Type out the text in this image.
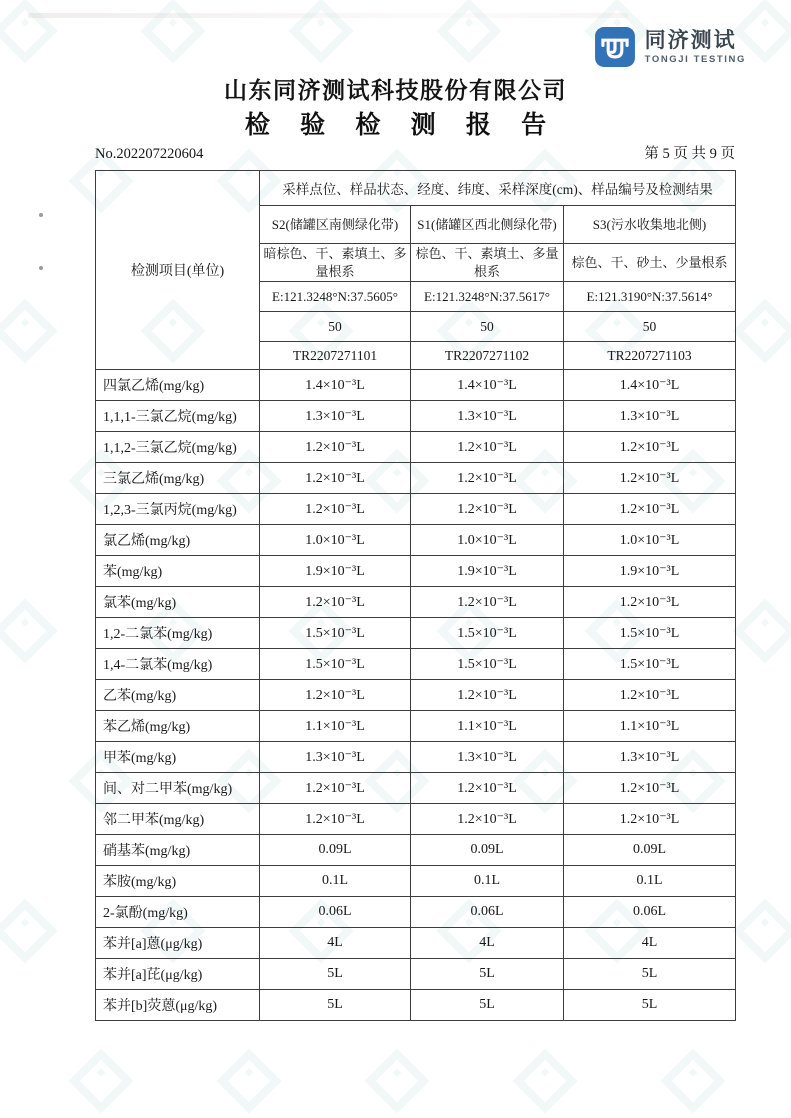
同济测试
TONGJI TESTING
山东同济测试科技股份有限公司
检 验 检 测 报 告
No.202207220604	第 5 页 共 9 页
检测项目(单位)	采样点位、样品状态、经度、纬度、采样深度(cm)、样品编号及检测结果		
	S2(储罐区南侧绿化带)	S1(储罐区西北侧绿化带)	S3(污水收集地北侧)
	暗棕色、干、素填土、多量根系	棕色、干、素填土、多量根系	棕色、干、砂土、少量根系
	E:121.3248°N:37.5605°	E:121.3248°N:37.5617°	E:121.3190°N:37.5614°
	50	50	50
	TR2207271101	TR2207271102	TR2207271103
四氯乙烯(mg/kg)	1.4×10⁻³L	1.4×10⁻³L	1.4×10⁻³L
1,1,1-三氯乙烷(mg/kg)	1.3×10⁻³L	1.3×10⁻³L	1.3×10⁻³L
1,1,2-三氯乙烷(mg/kg)	1.2×10⁻³L	1.2×10⁻³L	1.2×10⁻³L
三氯乙烯(mg/kg)	1.2×10⁻³L	1.2×10⁻³L	1.2×10⁻³L
1,2,3-三氯丙烷(mg/kg)	1.2×10⁻³L	1.2×10⁻³L	1.2×10⁻³L
氯乙烯(mg/kg)	1.0×10⁻³L	1.0×10⁻³L	1.0×10⁻³L
苯(mg/kg)	1.9×10⁻³L	1.9×10⁻³L	1.9×10⁻³L
氯苯(mg/kg)	1.2×10⁻³L	1.2×10⁻³L	1.2×10⁻³L
1,2-二氯苯(mg/kg)	1.5×10⁻³L	1.5×10⁻³L	1.5×10⁻³L
1,4-二氯苯(mg/kg)	1.5×10⁻³L	1.5×10⁻³L	1.5×10⁻³L
乙苯(mg/kg)	1.2×10⁻³L	1.2×10⁻³L	1.2×10⁻³L
苯乙烯(mg/kg)	1.1×10⁻³L	1.1×10⁻³L	1.1×10⁻³L
甲苯(mg/kg)	1.3×10⁻³L	1.3×10⁻³L	1.3×10⁻³L
间、对二甲苯(mg/kg)	1.2×10⁻³L	1.2×10⁻³L	1.2×10⁻³L
邻二甲苯(mg/kg)	1.2×10⁻³L	1.2×10⁻³L	1.2×10⁻³L
硝基苯(mg/kg)	0.09L	0.09L	0.09L
苯胺(mg/kg)	0.1L	0.1L	0.1L
2-氯酚(mg/kg)	0.06L	0.06L	0.06L
苯并[a]蒽(μg/kg)	4L	4L	4L
苯并[a]芘(μg/kg)	5L	5L	5L
苯并[b]荧蒽(μg/kg)	5L	5L	5L
